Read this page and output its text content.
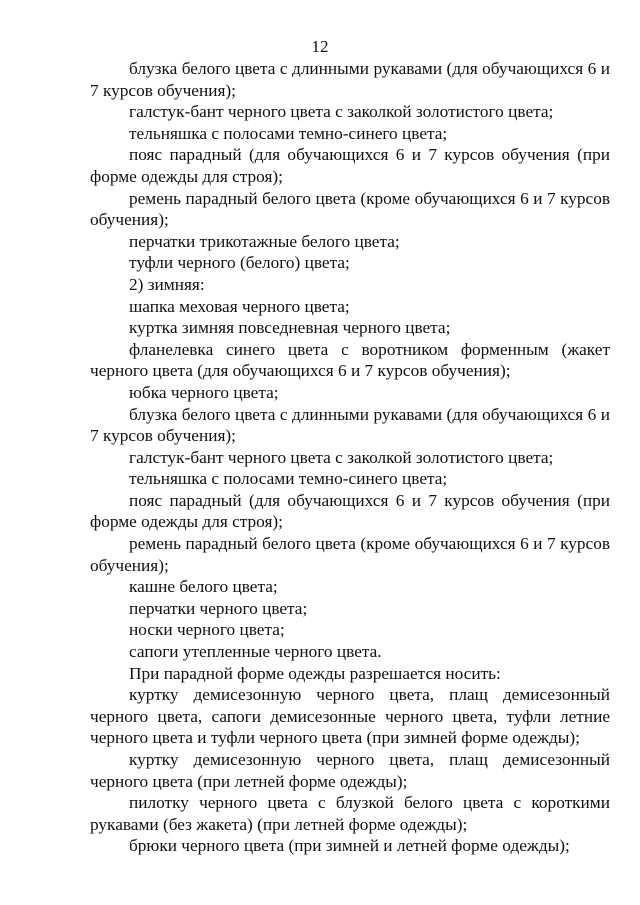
12

блузка белого цвета с длинными рукавами (для обучающихся 6 и 7 курсов обучения);

галстук-бант черного цвета с заколкой золотистого цвета;

тельняшка с полосами темно-синего цвета;

пояс парадный (для обучающихся 6 и 7 курсов обучения (при форме одежды для строя);

ремень парадный белого цвета (кроме обучающихся 6 и 7 курсов обучения);

перчатки трикотажные белого цвета;

туфли черного (белого) цвета;

2) зимняя:

шапка меховая черного цвета;

куртка зимняя повседневная черного цвета;

фланелевка синего цвета с воротником форменным (жакет черного цвета (для обучающихся 6 и 7 курсов обучения);

юбка черного цвета;

блузка белого цвета с длинными рукавами (для обучающихся 6 и 7 курсов обучения);

галстук-бант черного цвета с заколкой золотистого цвета;

тельняшка с полосами темно-синего цвета;

пояс парадный (для обучающихся 6 и 7 курсов обучения (при форме одежды для строя);

ремень парадный белого цвета (кроме обучающихся 6 и 7 курсов обучения);

кашне белого цвета;

перчатки черного цвета;

носки черного цвета;

сапоги утепленные черного цвета.

При парадной форме одежды разрешается носить:

куртку демисезонную черного цвета, плащ демисезонный черного цвета, сапоги демисезонные черного цвета, туфли летние черного цвета и туфли черного цвета (при зимней форме одежды);

куртку демисезонную черного цвета, плащ демисезонный черного цвета (при летней форме одежды);

пилотку черного цвета с блузкой белого цвета с короткими рукавами (без жакета) (при летней форме одежды);

брюки черного цвета (при зимней и летней форме одежды);
